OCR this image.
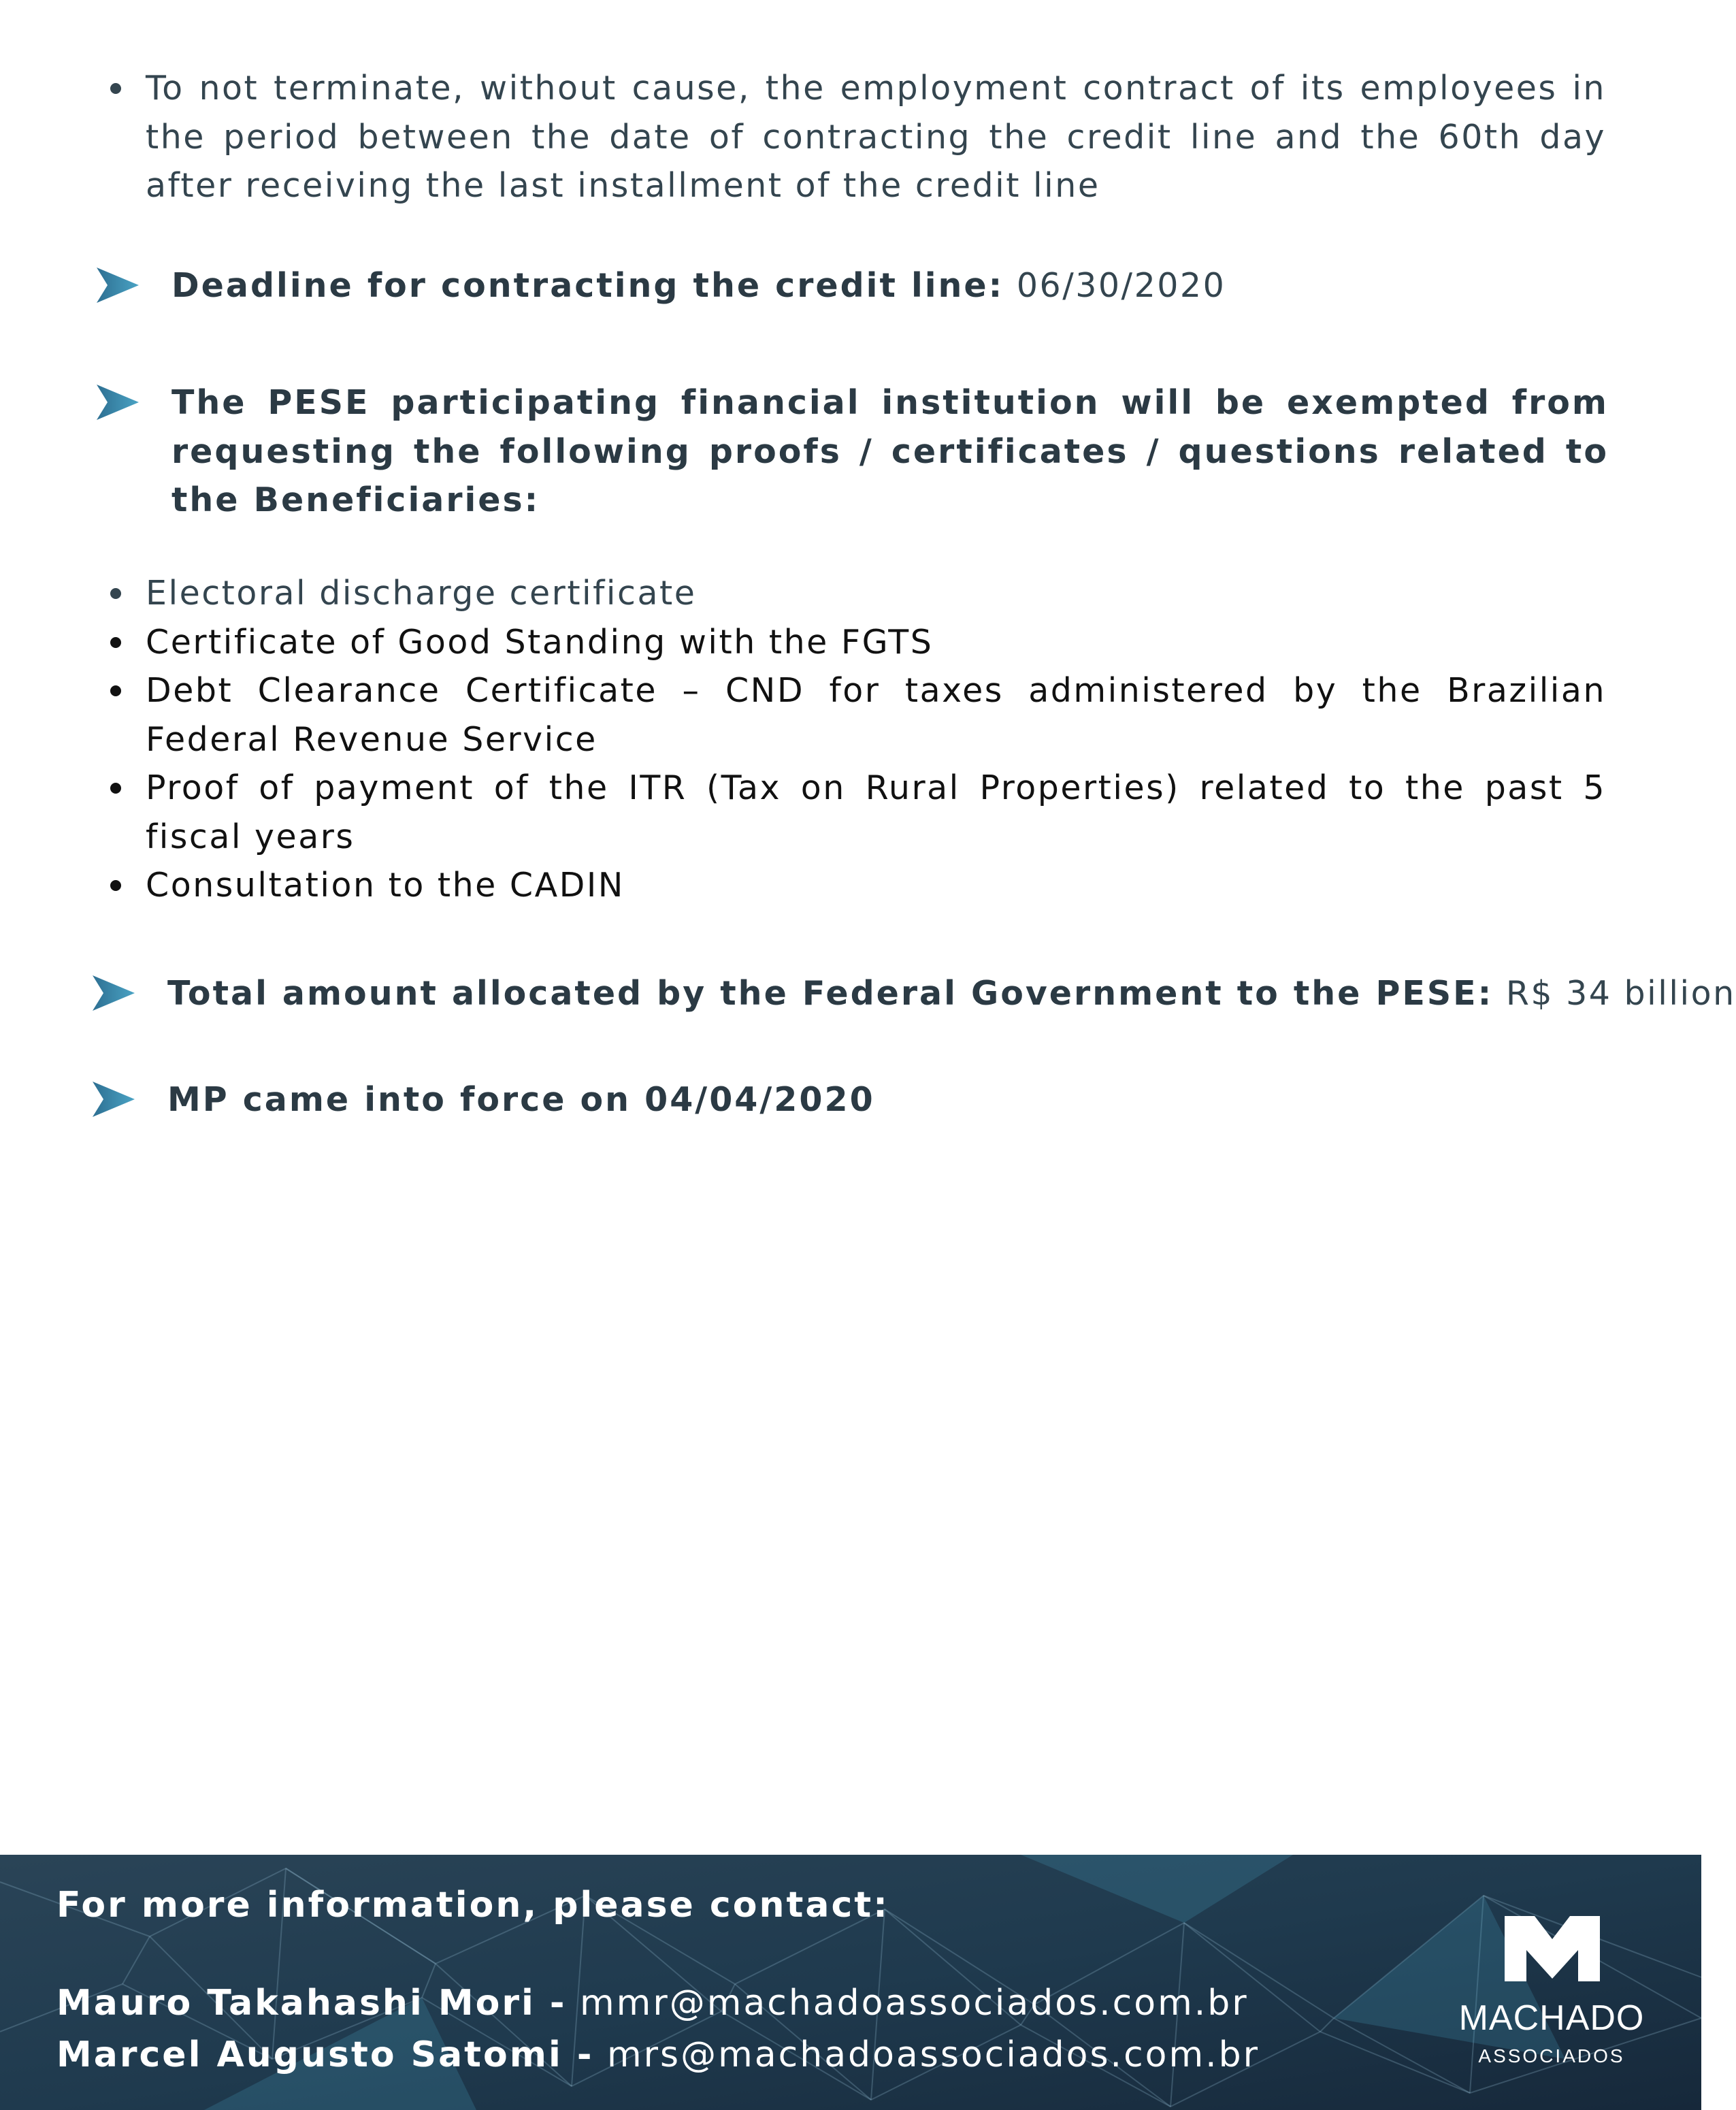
To not terminate, without cause, the employment contract of its employees in the period between the date of contracting the credit line and the 60th day after receiving the last installment of the credit line
Deadline for contracting the credit line: 06/30/2020
The PESE participating financial institution will be exempted from requesting the following proofs / certificates / questions related to the Beneficiaries:
Electoral discharge certificate
Certificate of Good Standing with the FGTS
Debt Clearance Certificate – CND for taxes administered by the Brazilian Federal Revenue Service
Proof of payment of the ITR (Tax on Rural Properties) related to the past 5 fiscal years
Consultation to the CADIN
Total amount allocated by the Federal Government to the PESE: R$ 34 billion
MP came into force on 04/04/2020
For more information, please contact:
Mauro Takahashi Mori - mmr@machadoassociados.com.br
Marcel Augusto Satomi - mrs@machadoassociados.com.br
MACHADO
ASSOCIADOS
